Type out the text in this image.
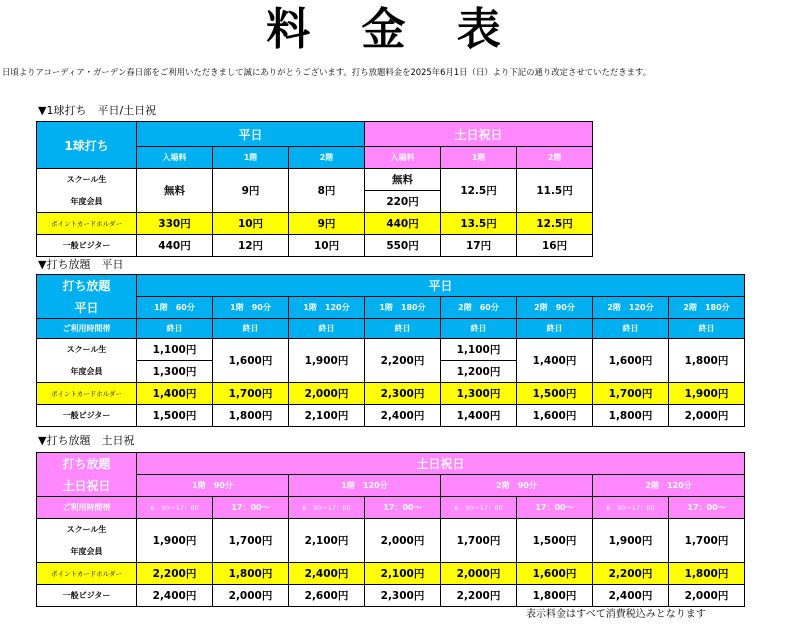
料 金 表
日頃よりアコーディア・ガーデン春日部をご利用いただきまして誠にありがとうございます。打ち放題料金を2025年6月1日（日）より下記の通り改定させていただきます。
▼1球打ち　平日/土日祝
1球打ち	平日			土日祝日		
	入場料	1階	2階	入場料	1階	2階
スクール生	無料	9円	8円	無料	12.5円	11.5円
年度会員				220円		
ポイントカードホルダー	330円	10円	9円	440円	13.5円	12.5円
一般ビジター	440円	12円	10円	550円	17円	16円
▼打ち放題　平日
打ち放題	平日							
平日	1階　60分	1階　90分	1階　120分	1階　180分	2階　60分	2階　90分	2階　120分	2階　180分
ご利用時間帯	終日	終日	終日	終日	終日	終日	終日	終日
スクール生	1,100円	1,600円	1,900円	2,200円	1,100円	1,400円	1,600円	1,800円
年度会員	1,300円				1,200円			
ポイントカードホルダー	1,400円	1,700円	2,000円	2,300円	1,300円	1,500円	1,700円	1,900円
一般ビジター	1,500円	1,800円	2,100円	2,400円	1,400円	1,600円	1,800円	2,000円
▼打ち放題　土日祝
打ち放題	土日祝日							
土日祝日	1階　90分		1階　120分		2階　90分		2階　120分	
ご利用時間帯	6：30～17：00	17：00～	6：30～17：00	17：00～	6：30～17：00	17：00～	6：30～17：00	17：00～
スクール生	1,900円	1,700円	2,100円	2,000円	1,700円	1,500円	1,900円	1,700円
年度会員								
ポイントカードホルダー	2,200円	1,800円	2,400円	2,100円	2,000円	1,600円	2,200円	1,800円
一般ビジター	2,400円	2,000円	2,600円	2,300円	2,200円	1,800円	2,400円	2,000円
表示料金はすべて消費税込みとなります
